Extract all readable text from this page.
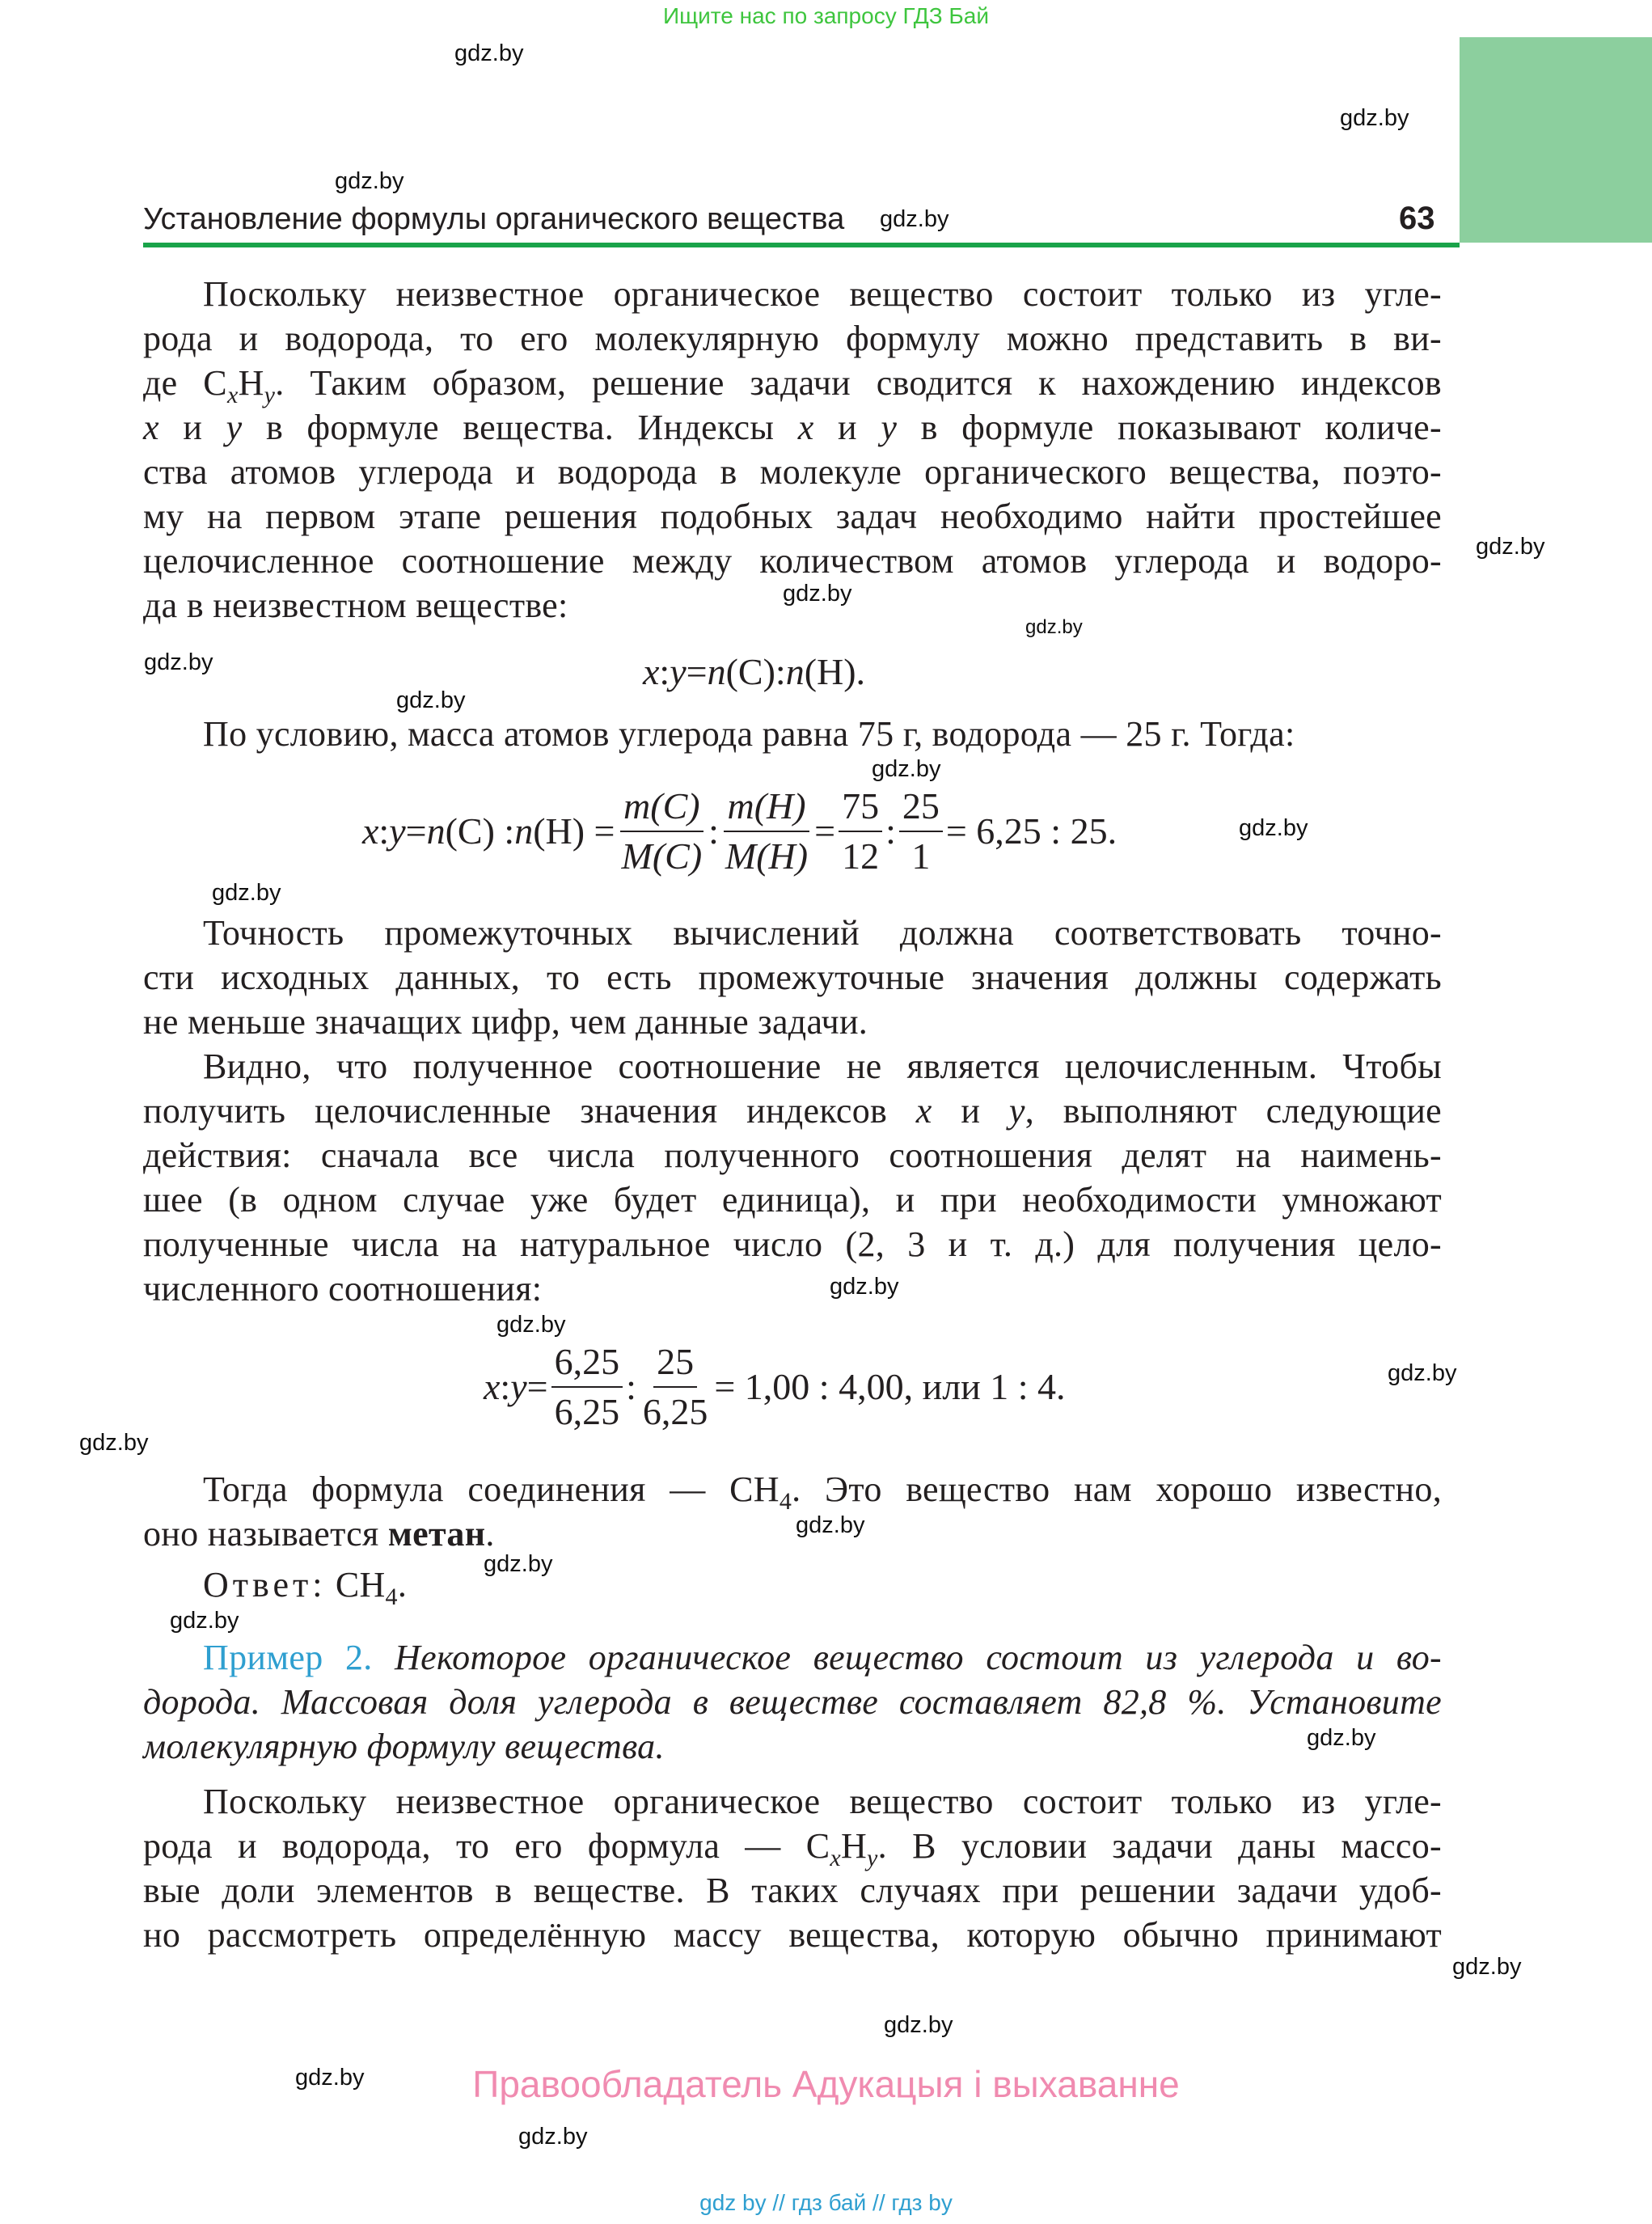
Ищите нас по запросу ГДЗ Бай
Установление формулы органического вещества	63
Поскольку неизвестное органическое вещество состоит только из угле-
рода и водорода, то его молекулярную формулу можно представить в ви-
де $C_xH_y$. Таким образом, решение задачи сводится к нахождению индексов
x и y в формуле вещества. Индексы x и y в формуле показывают количе-
ства атомов углерода и водорода в молекуле органического вещества, поэто-
му на первом этапе решения подобных задач необходимо найти простейшее
целочисленное соотношение между количеством атомов углерода и водоро-
да в неизвестном веществе:
x : y = n (C): n (H).
По условию, масса атомов углерода равна 75 г, водорода — 25 г. Тогда:
x : y = n (C) : n $(H) = \frac{m(C)}{M(C)}$ : $\frac{m(H)}{M(H)} = \frac{75}{12}$ : $\frac{25}{1} = 6,25$ : 25.
Точность промежуточных вычислений должна соответствовать точно-
сти исходных данных, то есть промежуточные значения должны содержать
не меньше значащих цифр, чем данные задачи.
Видно, что полученное соотношение не является целочисленным. Чтобы
получить целочисленные значения индексов x и y, выполняют следующие
действия: сначала все числа полученного соотношения делят на наимень-
шее (в одном случае уже будет единица), и при необходимости умножают
полученные числа на натуральное число (2, 3 и т. д.) для получения цело-
численного соотношения:
x : $y = \frac{6,25}{6,25}$ : $\frac{25}{6,25} = 1,00$ : 4,00, или 1 : 4.
Тогда формула соединения — $CH_4$. Это вещество нам хорошо известно,
оно называется метан.
Ответ: $CH_4$.
Пример 2. Некоторое органическое вещество состоит из углерода и во-
дорода. Массовая доля углерода в веществе составляет 82,8 %. Установите
молекулярную формулу вещества.
Поскольку неизвестное органическое вещество состоит только из угле-
рода и водорода, то его формула — $C_xH_y$. В условии задачи даны массо-
вые доли элементов в веществе. В таких случаях при решении задачи удоб-
но рассмотреть определённую массу вещества, которую обычно принимают
gdz.by
gdz.by
gdz.by
gdz.by
gdz.by
gdz.by
gdz.by
gdz.by
gdz.by
gdz.by
gdz.by
gdz.by
gdz.by
gdz.by
gdz.by
gdz.by
gdz.by
gdz.by
gdz.by
gdz.by
gdz.by
gdz.by
gdz.by
gdz.by
Правообладатель Адукацыя і выхаванне
gdz by // гдз бай // гдз by
